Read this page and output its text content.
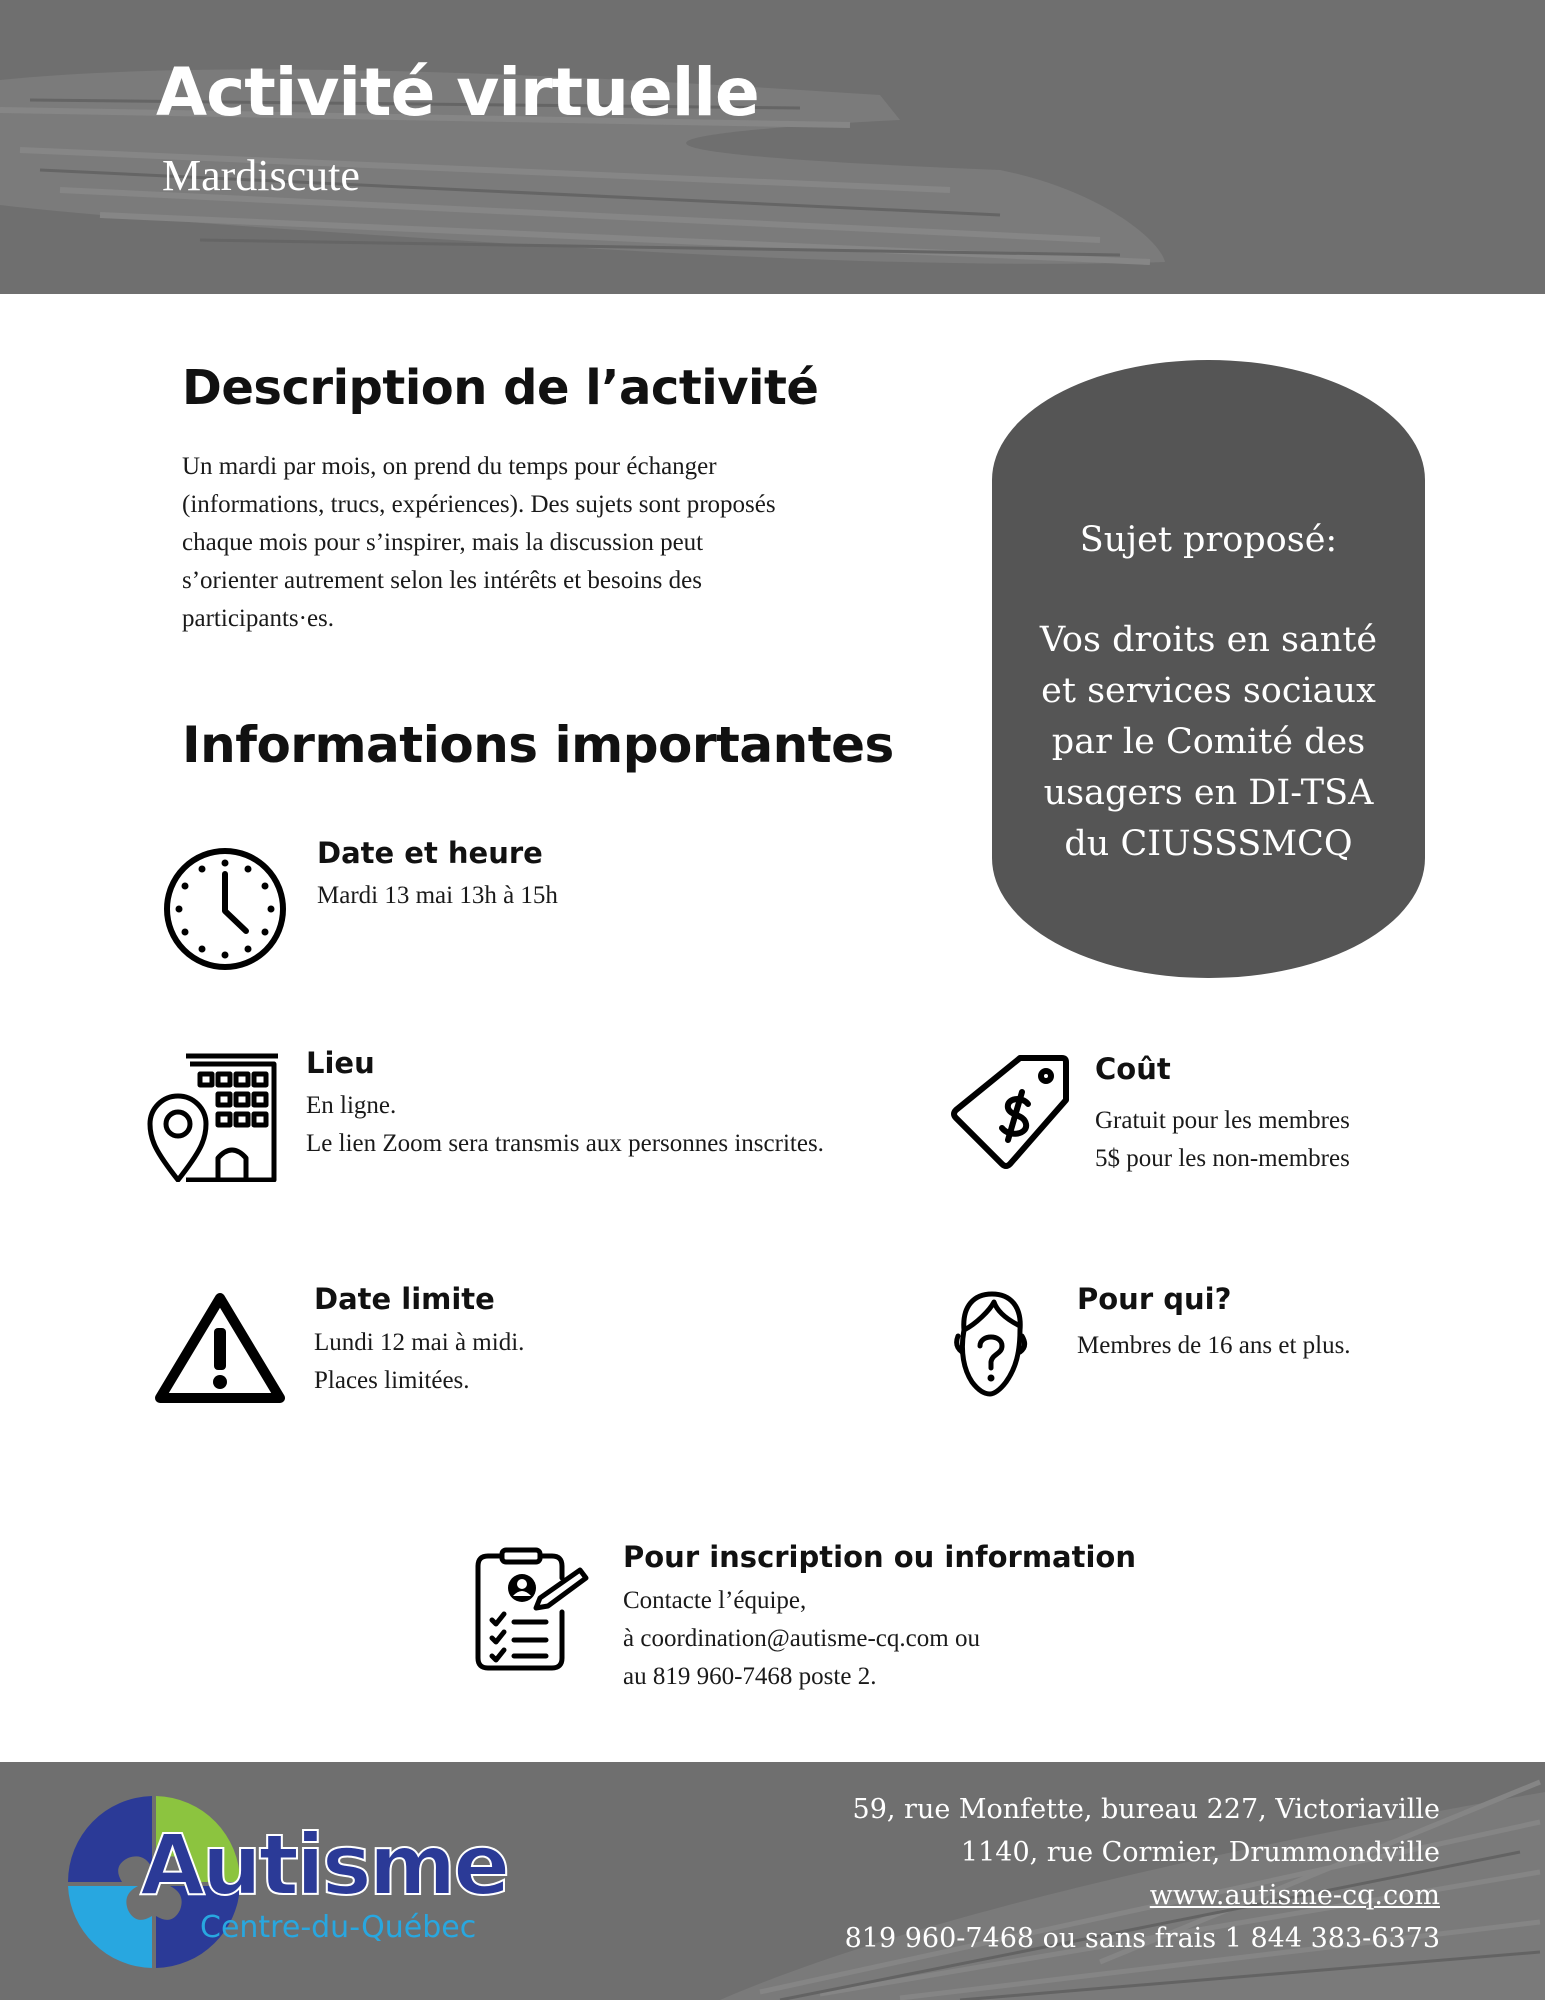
Activité virtuelle
Mardiscute
Description de l’activité
Un mardi par mois, on prend du temps pour échanger
(informations, trucs, expériences). Des sujets sont proposés
chaque mois pour s’inspirer, mais la discussion peut
s’orienter autrement selon les intérêts et besoins des
participants·es.
Informations importantes
Sujet proposé:
Vos droits en santé
et services sociaux
par le Comité des
usagers en DI-TSA
du CIUSSSMCQ
Date et heure
Mardi 13 mai 13h à 15h
Lieu
En ligne.
Le lien Zoom sera transmis aux personnes inscrites.
Coût
Gratuit pour les membres
5$ pour les non-membres
Date limite
Lundi 12 mai à midi.
Places limitées.
Pour qui?
Membres de 16 ans et plus.
Pour inscription ou information
Contacte l’équipe,
à coordination@autisme-cq.com ou
au 819 960-7468 poste 2.
Autisme
Centre-du-Québec
59, rue Monfette, bureau 227, Victoriaville
1140, rue Cormier, Drummondville
www.autisme-cq.com
819 960-7468 ou sans frais 1 844 383-6373
